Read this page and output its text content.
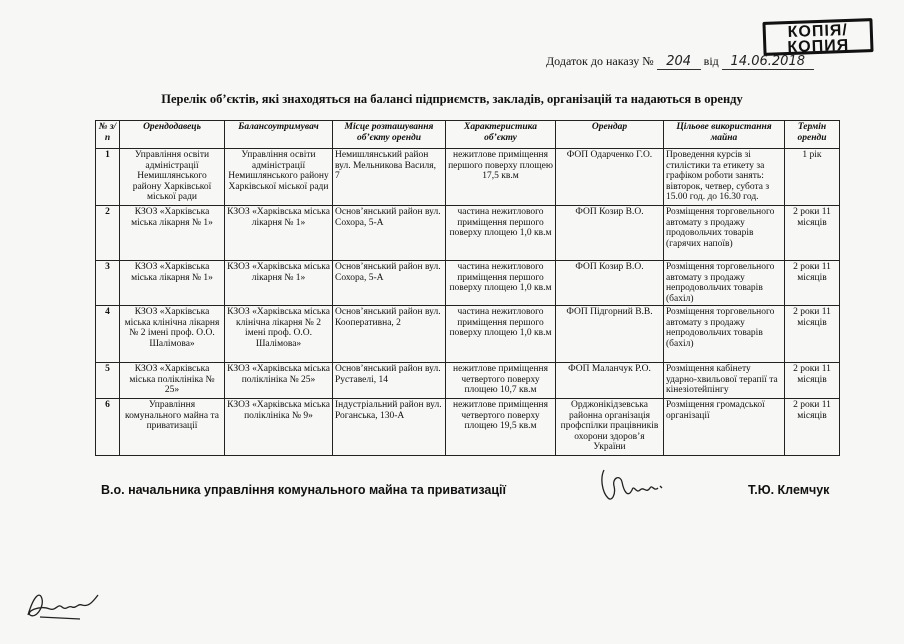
КОПІЯ/
КОПИЯ
Додаток до наказу № 204 від 14.06.2018
Перелік об’єктів, які знаходяться на балансі підприємств, закладів, організацій та надаються в оренду
№ з/п	Орендодавець	Балансоутримувач	Місце розташування об’єкту оренди	Характеристика об’єкту	Орендар	Цільове використання майна	Термін оренди
1	Управління освіти адміністрації Немишлянського району Харківської міської ради	Управління освіти адміністрації Немишлянського району Харківської міської ради	Немишлянський район вул. Мельникова Василя, 7	нежитлове приміщення першого поверху площею 17,5 кв.м	ФОП Одарченко Г.О.	Проведення курсів зі стилістики та етикету за графіком роботи занять: вівторок, четвер, субота з 15.00 год. до 16.30 год.	1 рік
2	КЗОЗ «Харківська міська лікарня № 1»	КЗОЗ «Харківська міська лікарня № 1»	Основ’янський район вул. Сохора, 5-А	частина нежитлового приміщення першого поверху площею 1,0 кв.м	ФОП Козир В.О.	Розміщення торговельного автомату з продажу продовольчих товарів (гарячих напоїв)	2 роки 11 місяців
3	КЗОЗ «Харківська міська лікарня № 1»	КЗОЗ «Харківська міська лікарня № 1»	Основ’янський район вул. Сохора, 5-А	частина нежитлового приміщення першого поверху площею 1,0 кв.м	ФОП Козир В.О.	Розміщення торговельного автомату з продажу непродовольчих товарів (бахіл)	2 роки 11 місяців
4	КЗОЗ «Харківська міська клінічна лікарня № 2 імені проф. О.О. Шалімова»	КЗОЗ «Харківська міська клінічна лікарня № 2 імені проф. О.О. Шалімова»	Основ’янський район вул. Кооперативна, 2	частина нежитлового приміщення першого поверху площею 1,0 кв.м	ФОП Підгорний В.В.	Розміщення торговельного автомату з продажу непродовольчих товарів (бахіл)	2 роки 11 місяців
5	КЗОЗ «Харківська міська поліклініка № 25»	КЗОЗ «Харківська міська поліклініка № 25»	Основ’янський район вул. Руставелі, 14	нежитлове приміщення четвертого поверху площею 10,7 кв.м	ФОП Маланчук Р.О.	Розміщення кабінету ударно-хвильової терапії та кінезіотейпінгу	2 роки 11 місяців
6	Управління комунального майна та приватизації	КЗОЗ «Харківська міська поліклініка № 9»	Індустріальний район вул. Роганська, 130-А	нежитлове приміщення четвертого поверху площею 19,5 кв.м	Орджонікідзевська районна організація профспілки працівників охорони здоров’я України	Розміщення громадської організації	2 роки 11 місяців
В.о. начальника управління комунального майна та приватизації	Т.Ю. Клемчук
